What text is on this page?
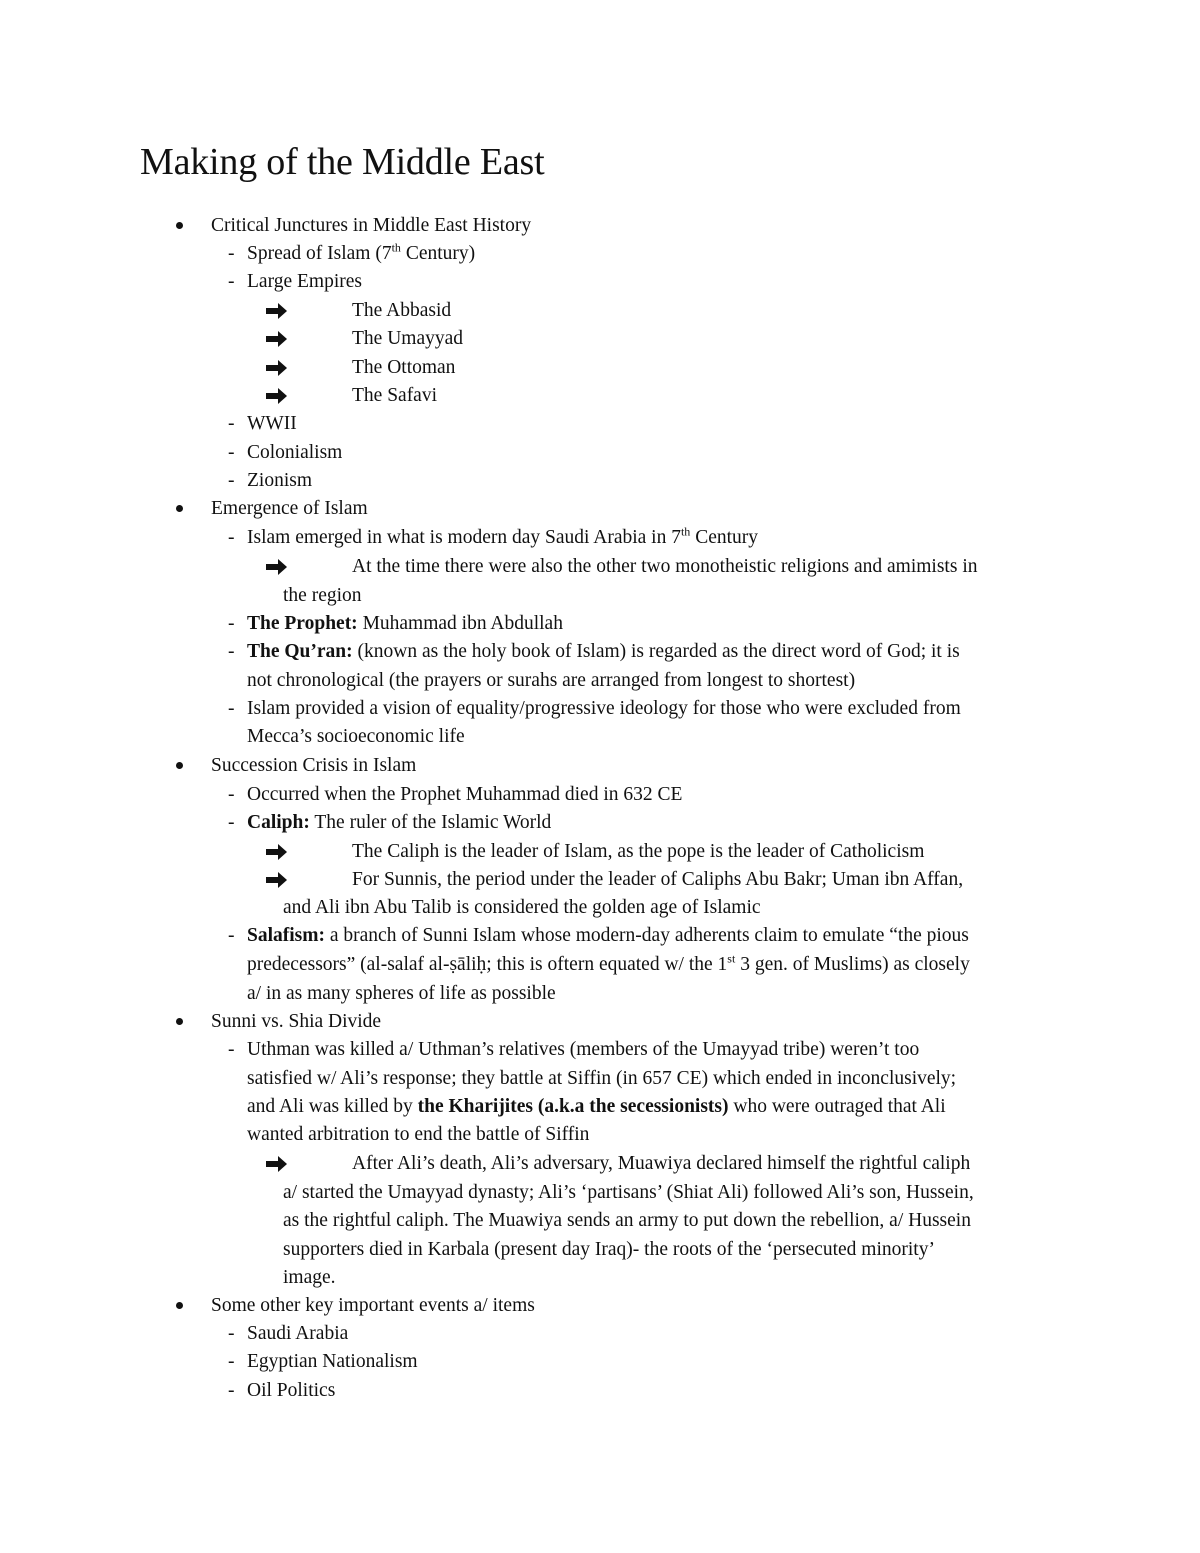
Making of the Middle East
Critical Junctures in Middle East History
- Spread of Islam (7th Century)
- Large Empires
The Abbasid
The Umayyad
The Ottoman
The Safavi
- WWII
- Colonialism
- Zionism
Emergence of Islam
- Islam emerged in what is modern day Saudi Arabia in 7th Century
At the time there were also the other two monotheistic religions and amimists in
the region
- The Prophet: Muhammad ibn Abdullah
- The Qu’ran: (known as the holy book of Islam) is regarded as the direct word of God; it is
not chronological (the prayers or surahs are arranged from longest to shortest)
- Islam provided a vision of equality/progressive ideology for those who were excluded from
Mecca’s socioeconomic life
Succession Crisis in Islam
- Occurred when the Prophet Muhammad died in 632 CE
- Caliph: The ruler of the Islamic World
The Caliph is the leader of Islam, as the pope is the leader of Catholicism
For Sunnis, the period under the leader of Caliphs Abu Bakr; Uman ibn Affan,
and Ali ibn Abu Talib is considered the golden age of Islamic
- Salafism: a branch of Sunni Islam whose modern-day adherents claim to emulate “the pious
predecessors” (al-salaf al-ṣāliḥ; this is oftern equated w/ the 1st 3 gen. of Muslims) as closely
a/ in as many spheres of life as possible
Sunni vs. Shia Divide
- Uthman was killed a/ Uthman’s relatives (members of the Umayyad tribe) weren’t too
satisfied w/ Ali’s response; they battle at Siffin (in 657 CE) which ended in inconclusively;
and Ali was killed by the Kharijites (a.k.a the secessionists) who were outraged that Ali
wanted arbitration to end the battle of Siffin
After Ali’s death, Ali’s adversary, Muawiya declared himself the rightful caliph
a/ started the Umayyad dynasty; Ali’s ‘partisans’ (Shiat Ali) followed Ali’s son, Hussein,
as the rightful caliph. The Muawiya sends an army to put down the rebellion, a/ Hussein
supporters died in Karbala (present day Iraq)- the roots of the ‘persecuted minority’
image.
Some other key important events a/ items
- Saudi Arabia
- Egyptian Nationalism
- Oil Politics
